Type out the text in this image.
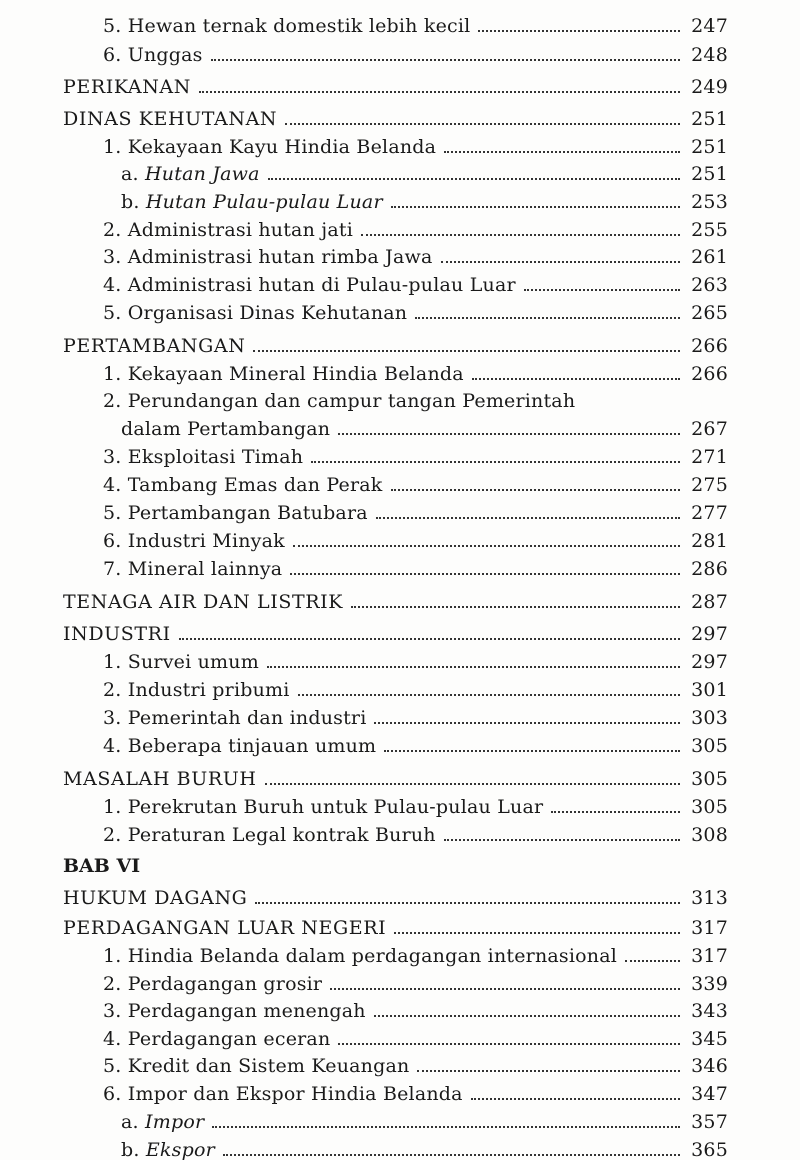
5. Hewan ternak domestik lebih kecil	247
6. Unggas	248
PERIKANAN	249
DINAS KEHUTANAN	251
1. Kekayaan Kayu Hindia Belanda	251
a. Hutan Jawa	251
b. Hutan Pulau-pulau Luar	253
2. Administrasi hutan jati	255
3. Administrasi hutan rimba Jawa	261
4. Administrasi hutan di Pulau-pulau Luar	263
5. Organisasi Dinas Kehutanan	265
PERTAMBANGAN	266
1. Kekayaan Mineral Hindia Belanda	266
2. Perundangan dan campur tangan Pemerintah
dalam Pertambangan	267
3. Eksploitasi Timah	271
4. Tambang Emas dan Perak	275
5. Pertambangan Batubara	277
6. Industri Minyak	281
7. Mineral lainnya	286
TENAGA AIR DAN LISTRIK	287
INDUSTRI	297
1. Survei umum	297
2. Industri pribumi	301
3. Pemerintah dan industri	303
4. Beberapa tinjauan umum	305
MASALAH BURUH	305
1. Perekrutan Buruh untuk Pulau-pulau Luar	305
2. Peraturan Legal kontrak Buruh	308
BAB VI
HUKUM DAGANG	313
PERDAGANGAN LUAR NEGERI	317
1. Hindia Belanda dalam perdagangan internasional	317
2. Perdagangan grosir	339
3. Perdagangan menengah	343
4. Perdagangan eceran	345
5. Kredit dan Sistem Keuangan	346
6. Impor dan Ekspor Hindia Belanda	347
a. Impor	357
b. Ekspor	365
